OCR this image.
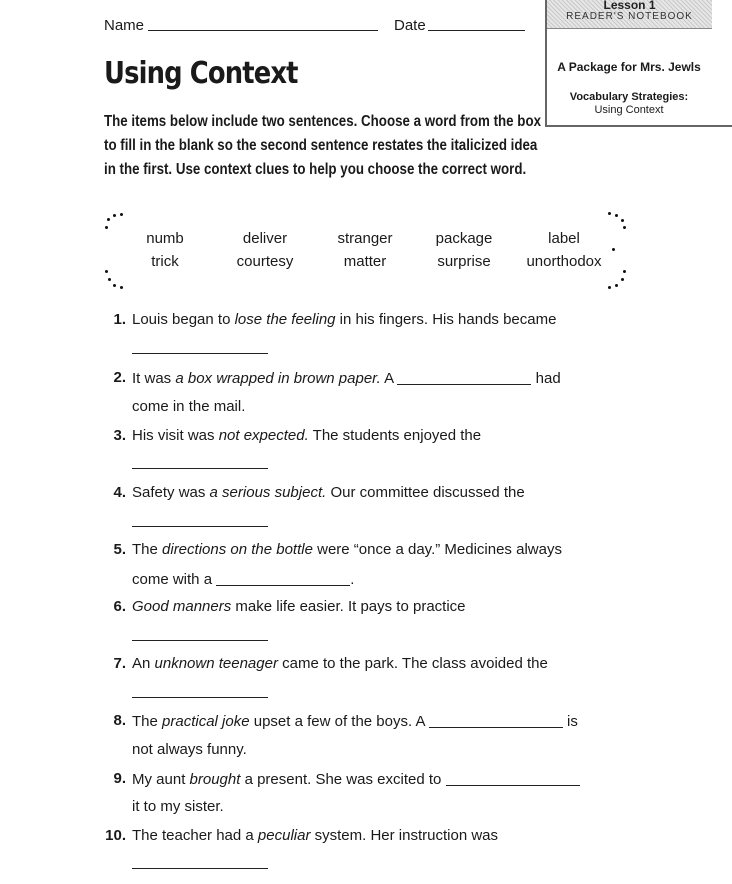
Name	Date
Lesson 1
READER'S NOTEBOOK
A Package for Mrs. Jewls
Vocabulary Strategies:
Using Context
Using Context
The items below include two sentences. Choose a word from the box to fill in the blank so the second sentence restates the italicized idea in the first. Use context clues to help you choose the correct word.
numb	deliver	stranger	package	label
trick	courtesy	matter	surprise	unorthodox
1. Louis began to lose the feeling in his fingers. His hands became
2. It was a box wrapped in brown paper. A	had
come in the mail.
3. His visit was not expected. The students enjoyed the
4. Safety was a serious subject. Our committee discussed the
5. The directions on the bottle were “once a day.” Medicines always
come with a	.
6. Good manners make life easier. It pays to practice
7. An unknown teenager came to the park. The class avoided the
8. The practical joke upset a few of the boys. A	is
not always funny.
9. My aunt brought a present. She was excited to
it to my sister.
10. The teacher had a peculiar system. Her instruction was
